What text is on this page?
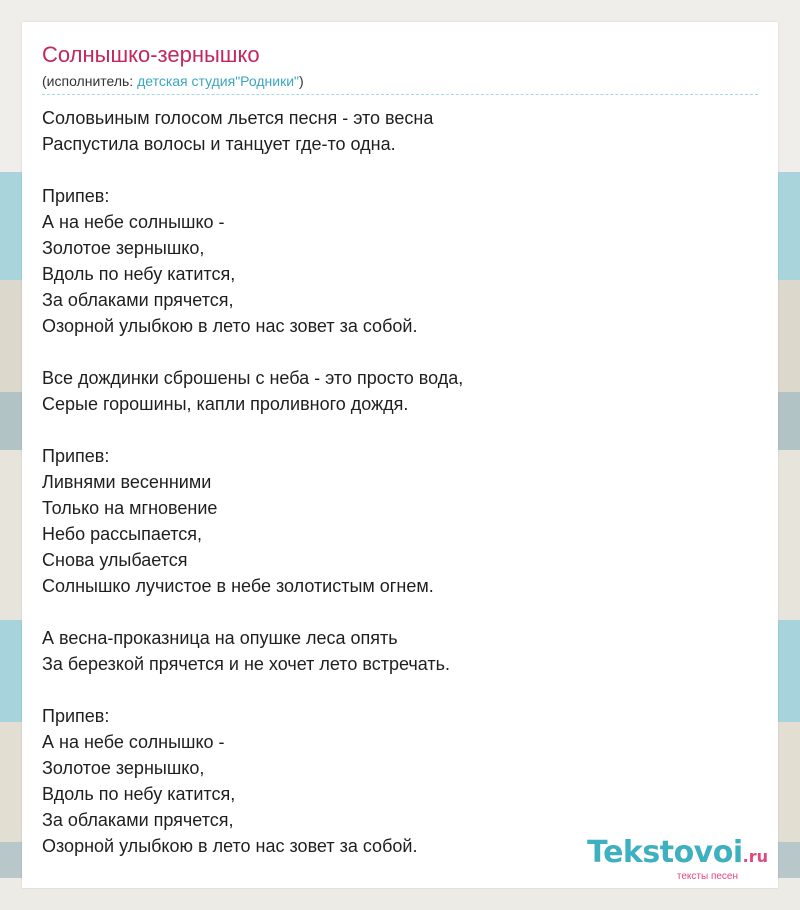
Солнышко-зернышко
(исполнитель: детская студия"Родники")
Соловьиным голосом льется песня - это весна
Распустила волосы и танцует где-то одна.
Припев:
А на небе солнышко -
Золотое зернышко,
Вдоль по небу катится,
За облаками прячется,
Озорной улыбкою в лето нас зовет за собой.
Все дождинки сброшены с неба - это просто вода,
Серые горошины, капли проливного дождя.
Припев:
Ливнями весенними
Только на мгновение
Небо рассыпается,
Снова улыбается
Солнышко лучистое в небе золотистым огнем.
А весна-проказница на опушке леса опять
За березкой прячется и не хочет лето встречать.
Припев:
А на небе солнышко -
Золотое зернышко,
Вдоль по небу катится,
За облаками прячется,
Озорной улыбкою в лето нас зовет за собой.	Tekstovoi.ru
тексты песен
